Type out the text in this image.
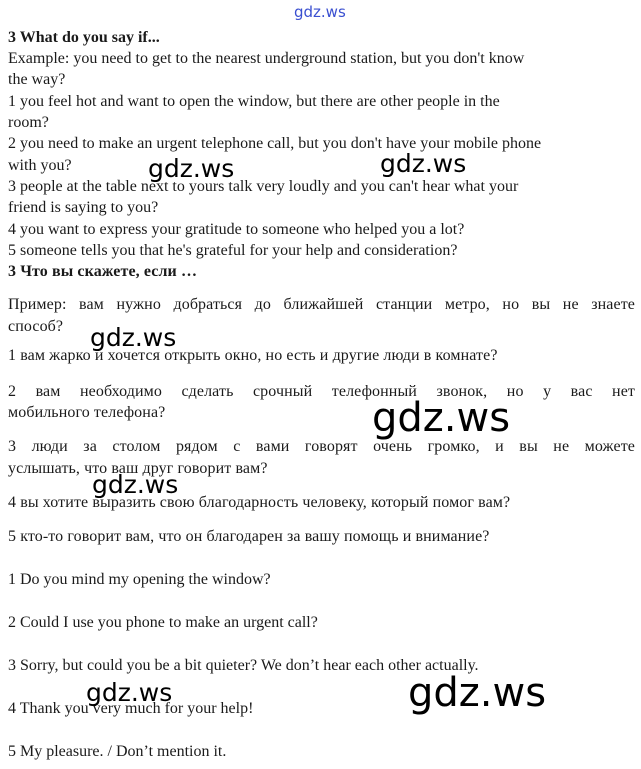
3 What do you say if...
Example: you need to get to the nearest underground station, but you don't know
the way?
1 you feel hot and want to open the window, but there are other people in the
room?
2 you need to make an urgent telephone call, but you don't have your mobile phone
with you?
3 people at the table next to yours talk very loudly and you can't hear what your
friend is saying to you?
4 you want to express your gratitude to someone who helped you a lot?
5 someone tells you that he's grateful for your help and consideration?
3 Что вы скажете, если …
Пример: вам нужно добраться до ближайшей станции метро, но вы не знаете
способ?
1 вам жарко и хочется открыть окно, но есть и другие люди в комнате?
2 вам необходимо сделать срочный телефонный звонок, но у вас нет
мобильного телефона?
3 люди за столом рядом с вами говорят очень громко, и вы не можете
услышать, что ваш друг говорит вам?
4 вы хотите выразить свою благодарность человеку, который помог вам?
5 кто-то говорит вам, что он благодарен за вашу помощь и внимание?
1 Do you mind my opening the window?
2 Could I use you phone to make an urgent call?
3 Sorry, but could you be a bit quieter? We don’t hear each other actually.
4 Thank you very much for your help!
5 My pleasure. / Don’t mention it.
gdz.ws
gdz.ws	gdz.ws
gdz.ws
gdz.ws
gdz.ws
gdz.ws	gdz.ws
